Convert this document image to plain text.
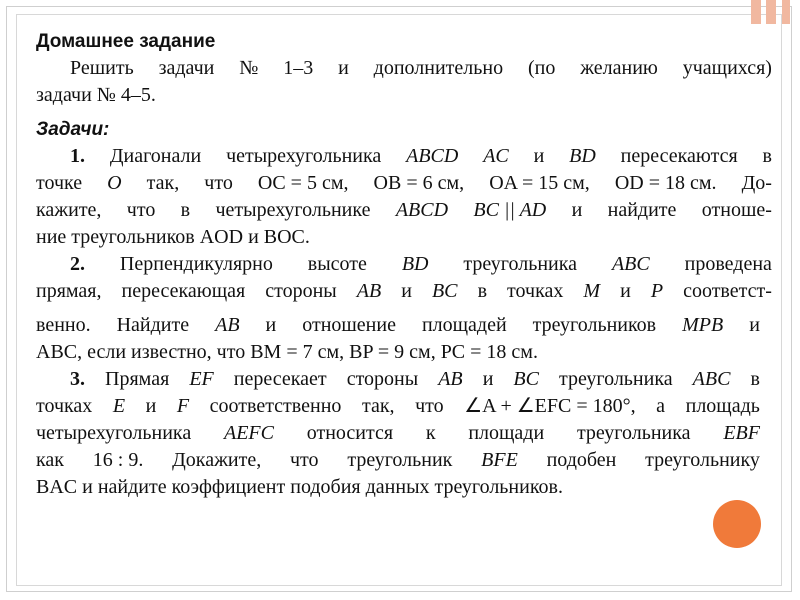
Домашнее задание
Решить задачи № 1–3 и дополнительно (по желанию учащихся)
задачи № 4–5.
Задачи:
1. Диагонали четырехугольника ABCD AC и BD пересекаются в
точке O так, что OC = 5 см, OB = 6 см, OA = 15 см, OD = 18 см. До-
кажите, что в четырехугольнике ABCD BC || AD и найдите отноше-
ние треугольников AOD и BOC.
2. Перпендикулярно высоте BD треугольника ABC проведена
прямая, пересекающая стороны AB и BC в точках M и P соответст-
венно. Найдите AB и отношение площадей треугольников MPB и
ABC, если известно, что BM = 7 см, BP = 9 см, PC = 18 см.
3. Прямая EF пересекает стороны AB и BC треугольника ABC в
точках E и F соответственно так, что ∠A + ∠EFC = 180°, а площадь
четырехугольника AEFC относится к площади треугольника EBF
как 16 : 9. Докажите, что треугольник BFE подобен треугольнику
BAC и найдите коэффициент подобия данных треугольников.
